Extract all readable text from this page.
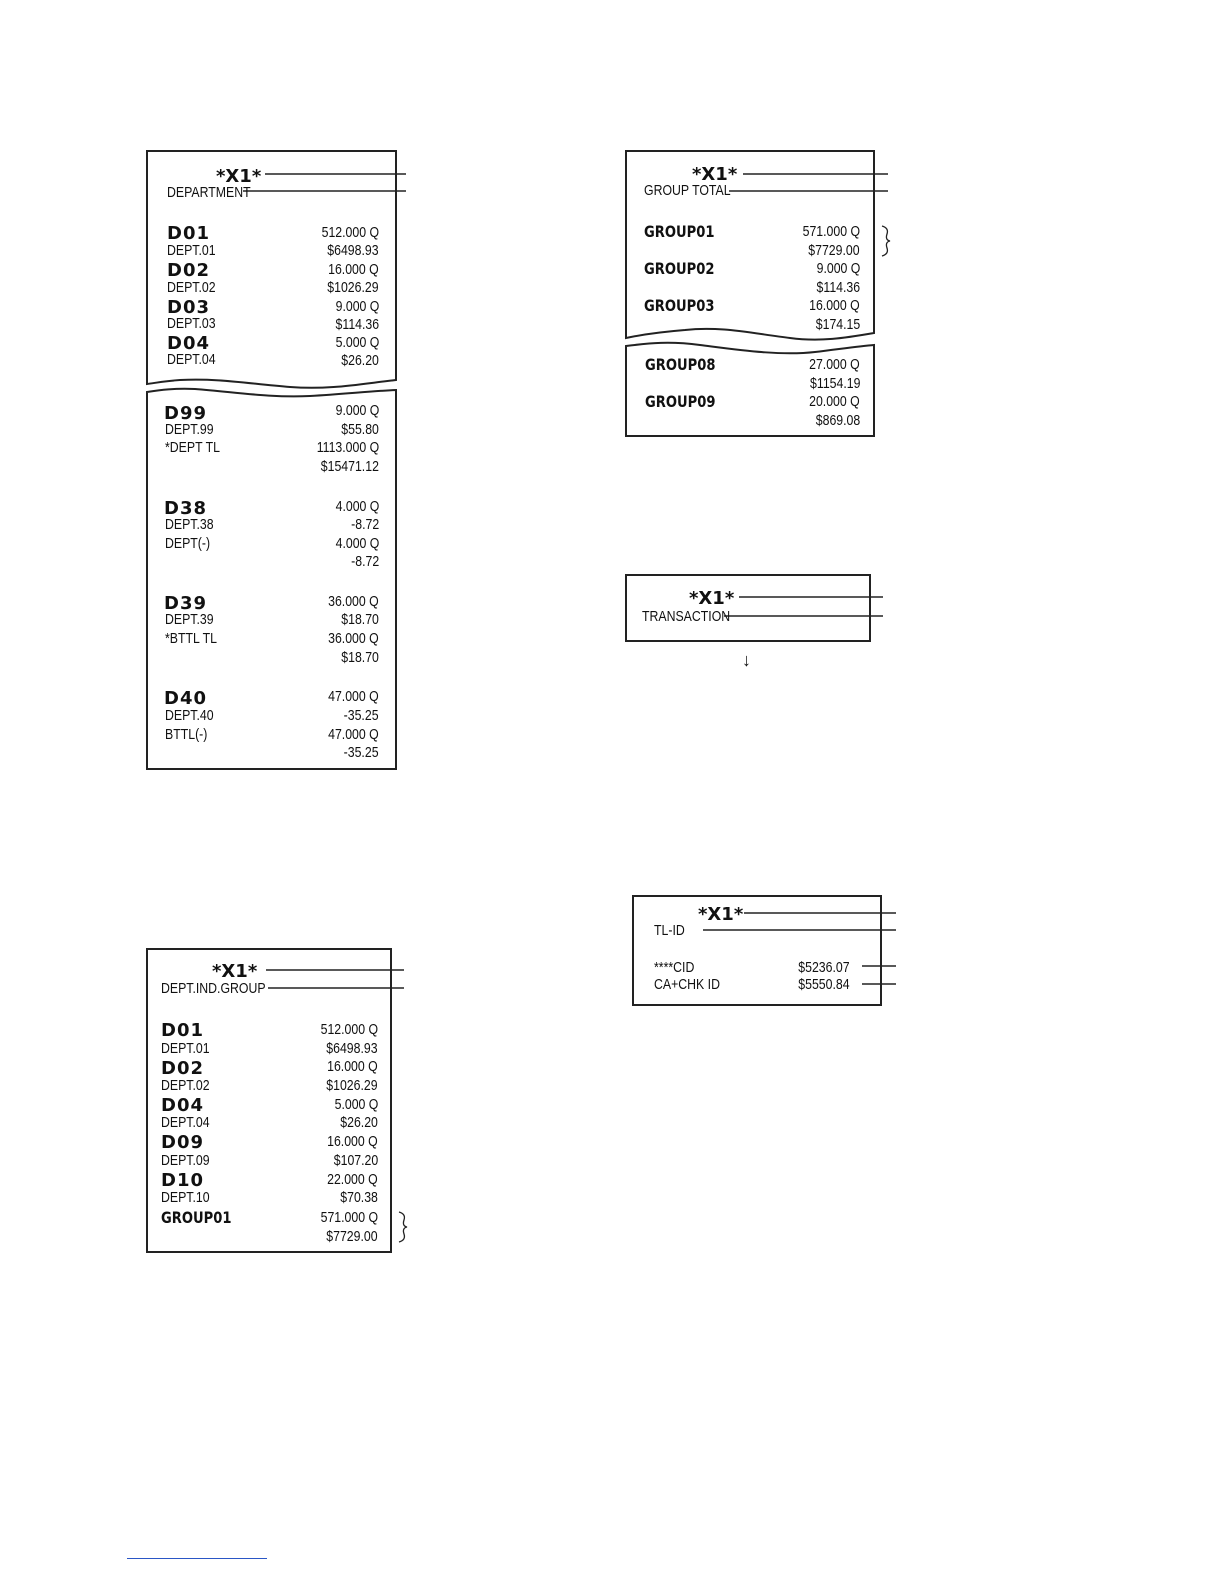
*X1*
DEPARTMENT
D01	512.000 Q
DEPT.01	$6498.93
D02	16.000 Q
DEPT.02	$1026.29
D03	9.000 Q
DEPT.03	$114.36
D04	5.000 Q
DEPT.04	$26.20
D99	9.000 Q
DEPT.99	$55.80
*DEPT TL	1113.000 Q
$15471.12
D38	4.000 Q
DEPT.38	-8.72
DEPT(-)	4.000 Q
-8.72
D39	36.000 Q
DEPT.39	$18.70
*BTTL TL	36.000 Q
$18.70
D40	47.000 Q
DEPT.40	-35.25
BTTL(-)	47.000 Q
-35.25
*X1*
GROUP TOTAL
GROUP01	571.000 Q
$7729.00
GROUP02	9.000 Q
$114.36
GROUP03	16.000 Q
$174.15
GROUP08	27.000 Q
$1154.19
GROUP09	20.000 Q
$869.08
*X1*
TRANSACTION
↓
*X1*
DEPT.IND.GROUP
D01	512.000 Q
DEPT.01	$6498.93
D02	16.000 Q
DEPT.02	$1026.29
D04	5.000 Q
DEPT.04	$26.20
D09	16.000 Q
DEPT.09	$107.20
D10	22.000 Q
DEPT.10	$70.38
GROUP01	571.000 Q
$7729.00
*X1*
TL-ID
****CID	$5236.07
CA+CHK ID	$5550.84
